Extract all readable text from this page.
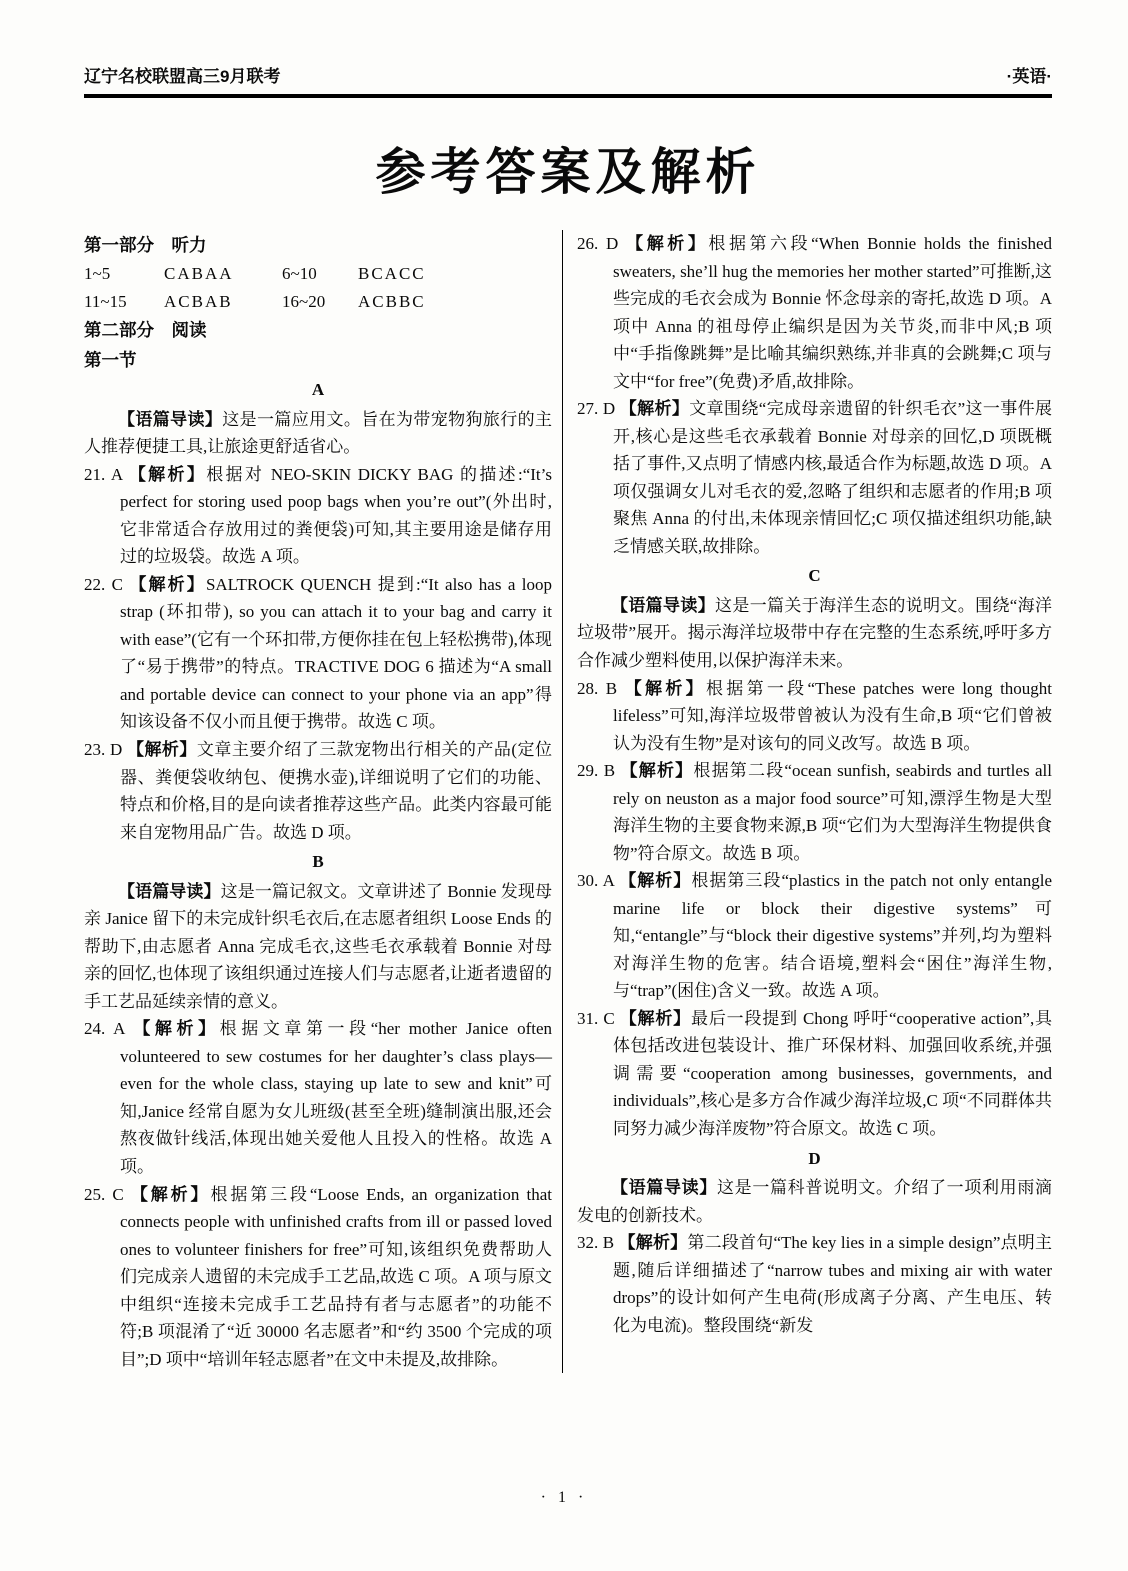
辽宁名校联盟高三9月联考	·英语·
参考答案及解析

第一部分　听力

1~5	CABAA	6~10 BCACC

11~15 ACBAB	16~20 ACBBC

第二部分　阅读

第一节

A

【语篇导读】这是一篇应用文。旨在为带宠物狗旅行的主人推荐便捷工具,让旅途更舒适省心。

21. A 【解析】根据对 NEO-SKIN DICKY BAG 的描述:“It’s perfect for storing used poop bags when you’re out”(外出时,它非常适合存放用过的粪便袋)可知,其主要用途是储存用过的垃圾袋。故选 A 项。

22. C 【解析】SALTROCK QUENCH 提到:“It also has a loop strap (环扣带), so you can attach it to your bag and carry it with ease”(它有一个环扣带,方便你挂在包上轻松携带),体现了“易于携带”的特点。TRACTIVE DOG 6 描述为“A small and portable device can connect to your phone via an app”得知该设备不仅小而且便于携带。故选 C 项。

23. D 【解析】文章主要介绍了三款宠物出行相关的产品(定位器、粪便袋收纳包、便携水壶),详细说明了它们的功能、特点和价格,目的是向读者推荐这些产品。此类内容最可能来自宠物用品广告。故选 D 项。

B

【语篇导读】这是一篇记叙文。文章讲述了 Bonnie 发现母亲 Janice 留下的未完成针织毛衣后,在志愿者组织 Loose Ends 的帮助下,由志愿者 Anna 完成毛衣,这些毛衣承载着 Bonnie 对母亲的回忆,也体现了该组织通过连接人们与志愿者,让逝者遗留的手工艺品延续亲情的意义。

24. A 【解析】根据文章第一段“her mother Janice often volunteered to sew costumes for her daughter’s class plays—even for the whole class, staying up late to sew and knit”可知,Janice 经常自愿为女儿班级(甚至全班)缝制演出服,还会熬夜做针线活,体现出她关爱他人且投入的性格。故选 A 项。

25. C 【解析】根据第三段“Loose Ends, an organization that connects people with unfinished crafts from ill or passed loved ones to volunteer finishers for free”可知,该组织免费帮助人们完成亲人遗留的未完成手工艺品,故选 C 项。A 项与原文中组织“连接未完成手工艺品持有者与志愿者”的功能不符;B 项混淆了“近 30000 名志愿者”和“约 3500 个完成的项目”;D 项中“培训年轻志愿者”在文中未提及,故排除。

26. D 【解析】根据第六段“When Bonnie holds the finished sweaters, she’ll hug the memories her mother started”可推断,这些完成的毛衣会成为 Bonnie 怀念母亲的寄托,故选 D 项。A 项中 Anna 的祖母停止编织是因为关节炎,而非中风;B 项中“手指像跳舞”是比喻其编织熟练,并非真的会跳舞;C 项与文中“for free”(免费)矛盾,故排除。

27. D 【解析】文章围绕“完成母亲遗留的针织毛衣”这一事件展开,核心是这些毛衣承载着 Bonnie 对母亲的回忆,D 项既概括了事件,又点明了情感内核,最适合作为标题,故选 D 项。A 项仅强调女儿对毛衣的爱,忽略了组织和志愿者的作用;B 项聚焦 Anna 的付出,未体现亲情回忆;C 项仅描述组织功能,缺乏情感关联,故排除。

C

【语篇导读】这是一篇关于海洋生态的说明文。围绕“海洋垃圾带”展开。揭示海洋垃圾带中存在完整的生态系统,呼吁多方合作减少塑料使用,以保护海洋未来。

28. B 【解析】根据第一段“These patches were long thought lifeless”可知,海洋垃圾带曾被认为没有生命,B 项“它们曾被认为没有生物”是对该句的同义改写。故选 B 项。

29. B 【解析】根据第二段“ocean sunfish, seabirds and turtles all rely on neuston as a major food source”可知,漂浮生物是大型海洋生物的主要食物来源,B 项“它们为大型海洋生物提供食物”符合原文。故选 B 项。

30. A 【解析】根据第三段“plastics in the patch not only entangle marine life or block their digestive systems”可知,“entangle”与“block their digestive systems”并列,均为塑料对海洋生物的危害。结合语境,塑料会“困住”海洋生物,与“trap”(困住)含义一致。故选 A 项。

31. C 【解析】最后一段提到 Chong 呼吁“cooperative action”,具体包括改进包装设计、推广环保材料、加强回收系统,并强调需要“cooperation among businesses, governments, and individuals”,核心是多方合作减少海洋垃圾,C 项“不同群体共同努力减少海洋废物”符合原文。故选 C 项。

D

【语篇导读】这是一篇科普说明文。介绍了一项利用雨滴发电的创新技术。

32. B 【解析】第二段首句“The key lies in a simple design”点明主题,随后详细描述了“narrow tubes and mixing air with water drops”的设计如何产生电荷(形成离子分离、产生电压、转化为电流)。整段围绕“新发

· 1 ·
